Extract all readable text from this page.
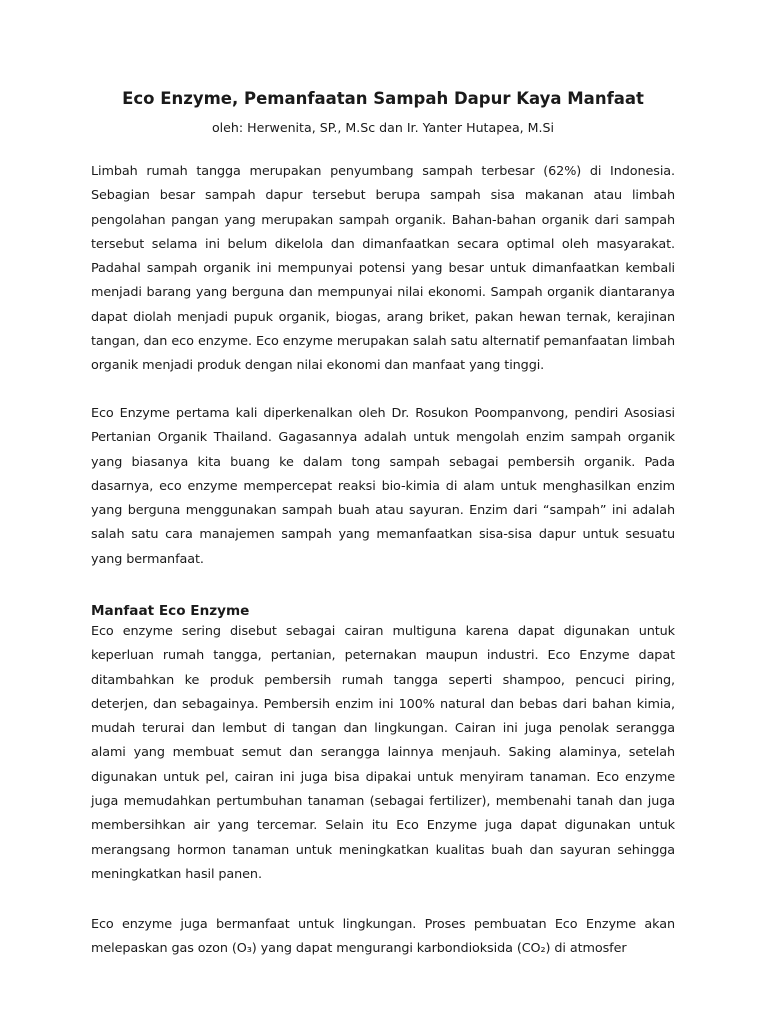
Eco Enzyme, Pemanfaatan Sampah Dapur Kaya Manfaat

oleh: Herwenita, SP., M.Sc dan Ir. Yanter Hutapea, M.Si

Limbah rumah tangga merupakan penyumbang sampah terbesar (62%) di Indonesia. Sebagian besar sampah dapur tersebut berupa sampah sisa makanan atau limbah pengolahan pangan yang merupakan sampah organik. Bahan-bahan organik dari sampah tersebut selama ini belum dikelola dan dimanfaatkan secara optimal oleh masyarakat. Padahal sampah organik ini mempunyai potensi yang besar untuk dimanfaatkan kembali menjadi barang yang berguna dan mempunyai nilai ekonomi. Sampah organik diantaranya dapat diolah menjadi pupuk organik, biogas, arang briket, pakan hewan ternak, kerajinan tangan, dan eco enzyme. Eco enzyme merupakan salah satu alternatif pemanfaatan limbah organik menjadi produk dengan nilai ekonomi dan manfaat yang tinggi.

Eco Enzyme pertama kali diperkenalkan oleh Dr. Rosukon Poompanvong, pendiri Asosiasi Pertanian Organik Thailand. Gagasannya adalah untuk mengolah enzim sampah organik yang biasanya kita buang ke dalam tong sampah sebagai pembersih organik. Pada dasarnya, eco enzyme mempercepat reaksi bio-kimia di alam untuk menghasilkan enzim yang berguna menggunakan sampah buah atau sayuran. Enzim dari “sampah” ini adalah salah satu cara manajemen sampah yang memanfaatkan sisa-sisa dapur untuk sesuatu yang bermanfaat.

Manfaat Eco Enzyme

Eco enzyme sering disebut sebagai cairan multiguna karena dapat digunakan untuk keperluan rumah tangga, pertanian, peternakan maupun industri. Eco Enzyme dapat ditambahkan ke produk pembersih rumah tangga seperti shampoo, pencuci piring, deterjen, dan sebagainya. Pembersih enzim ini 100% natural dan bebas dari bahan kimia, mudah terurai dan lembut di tangan dan lingkungan. Cairan ini juga penolak serangga alami yang membuat semut dan serangga lainnya menjauh. Saking alaminya, setelah digunakan untuk pel, cairan ini juga bisa dipakai untuk menyiram tanaman. Eco enzyme juga memudahkan pertumbuhan tanaman (sebagai fertilizer), membenahi tanah dan juga membersihkan air yang tercemar. Selain itu Eco Enzyme juga dapat digunakan untuk merangsang hormon tanaman untuk meningkatkan kualitas buah dan sayuran sehingga meningkatkan hasil panen.

Eco enzyme juga bermanfaat untuk lingkungan. Proses pembuatan Eco Enzyme akan melepaskan gas ozon (O₃) yang dapat mengurangi karbondioksida (CO₂) di atmosfer
